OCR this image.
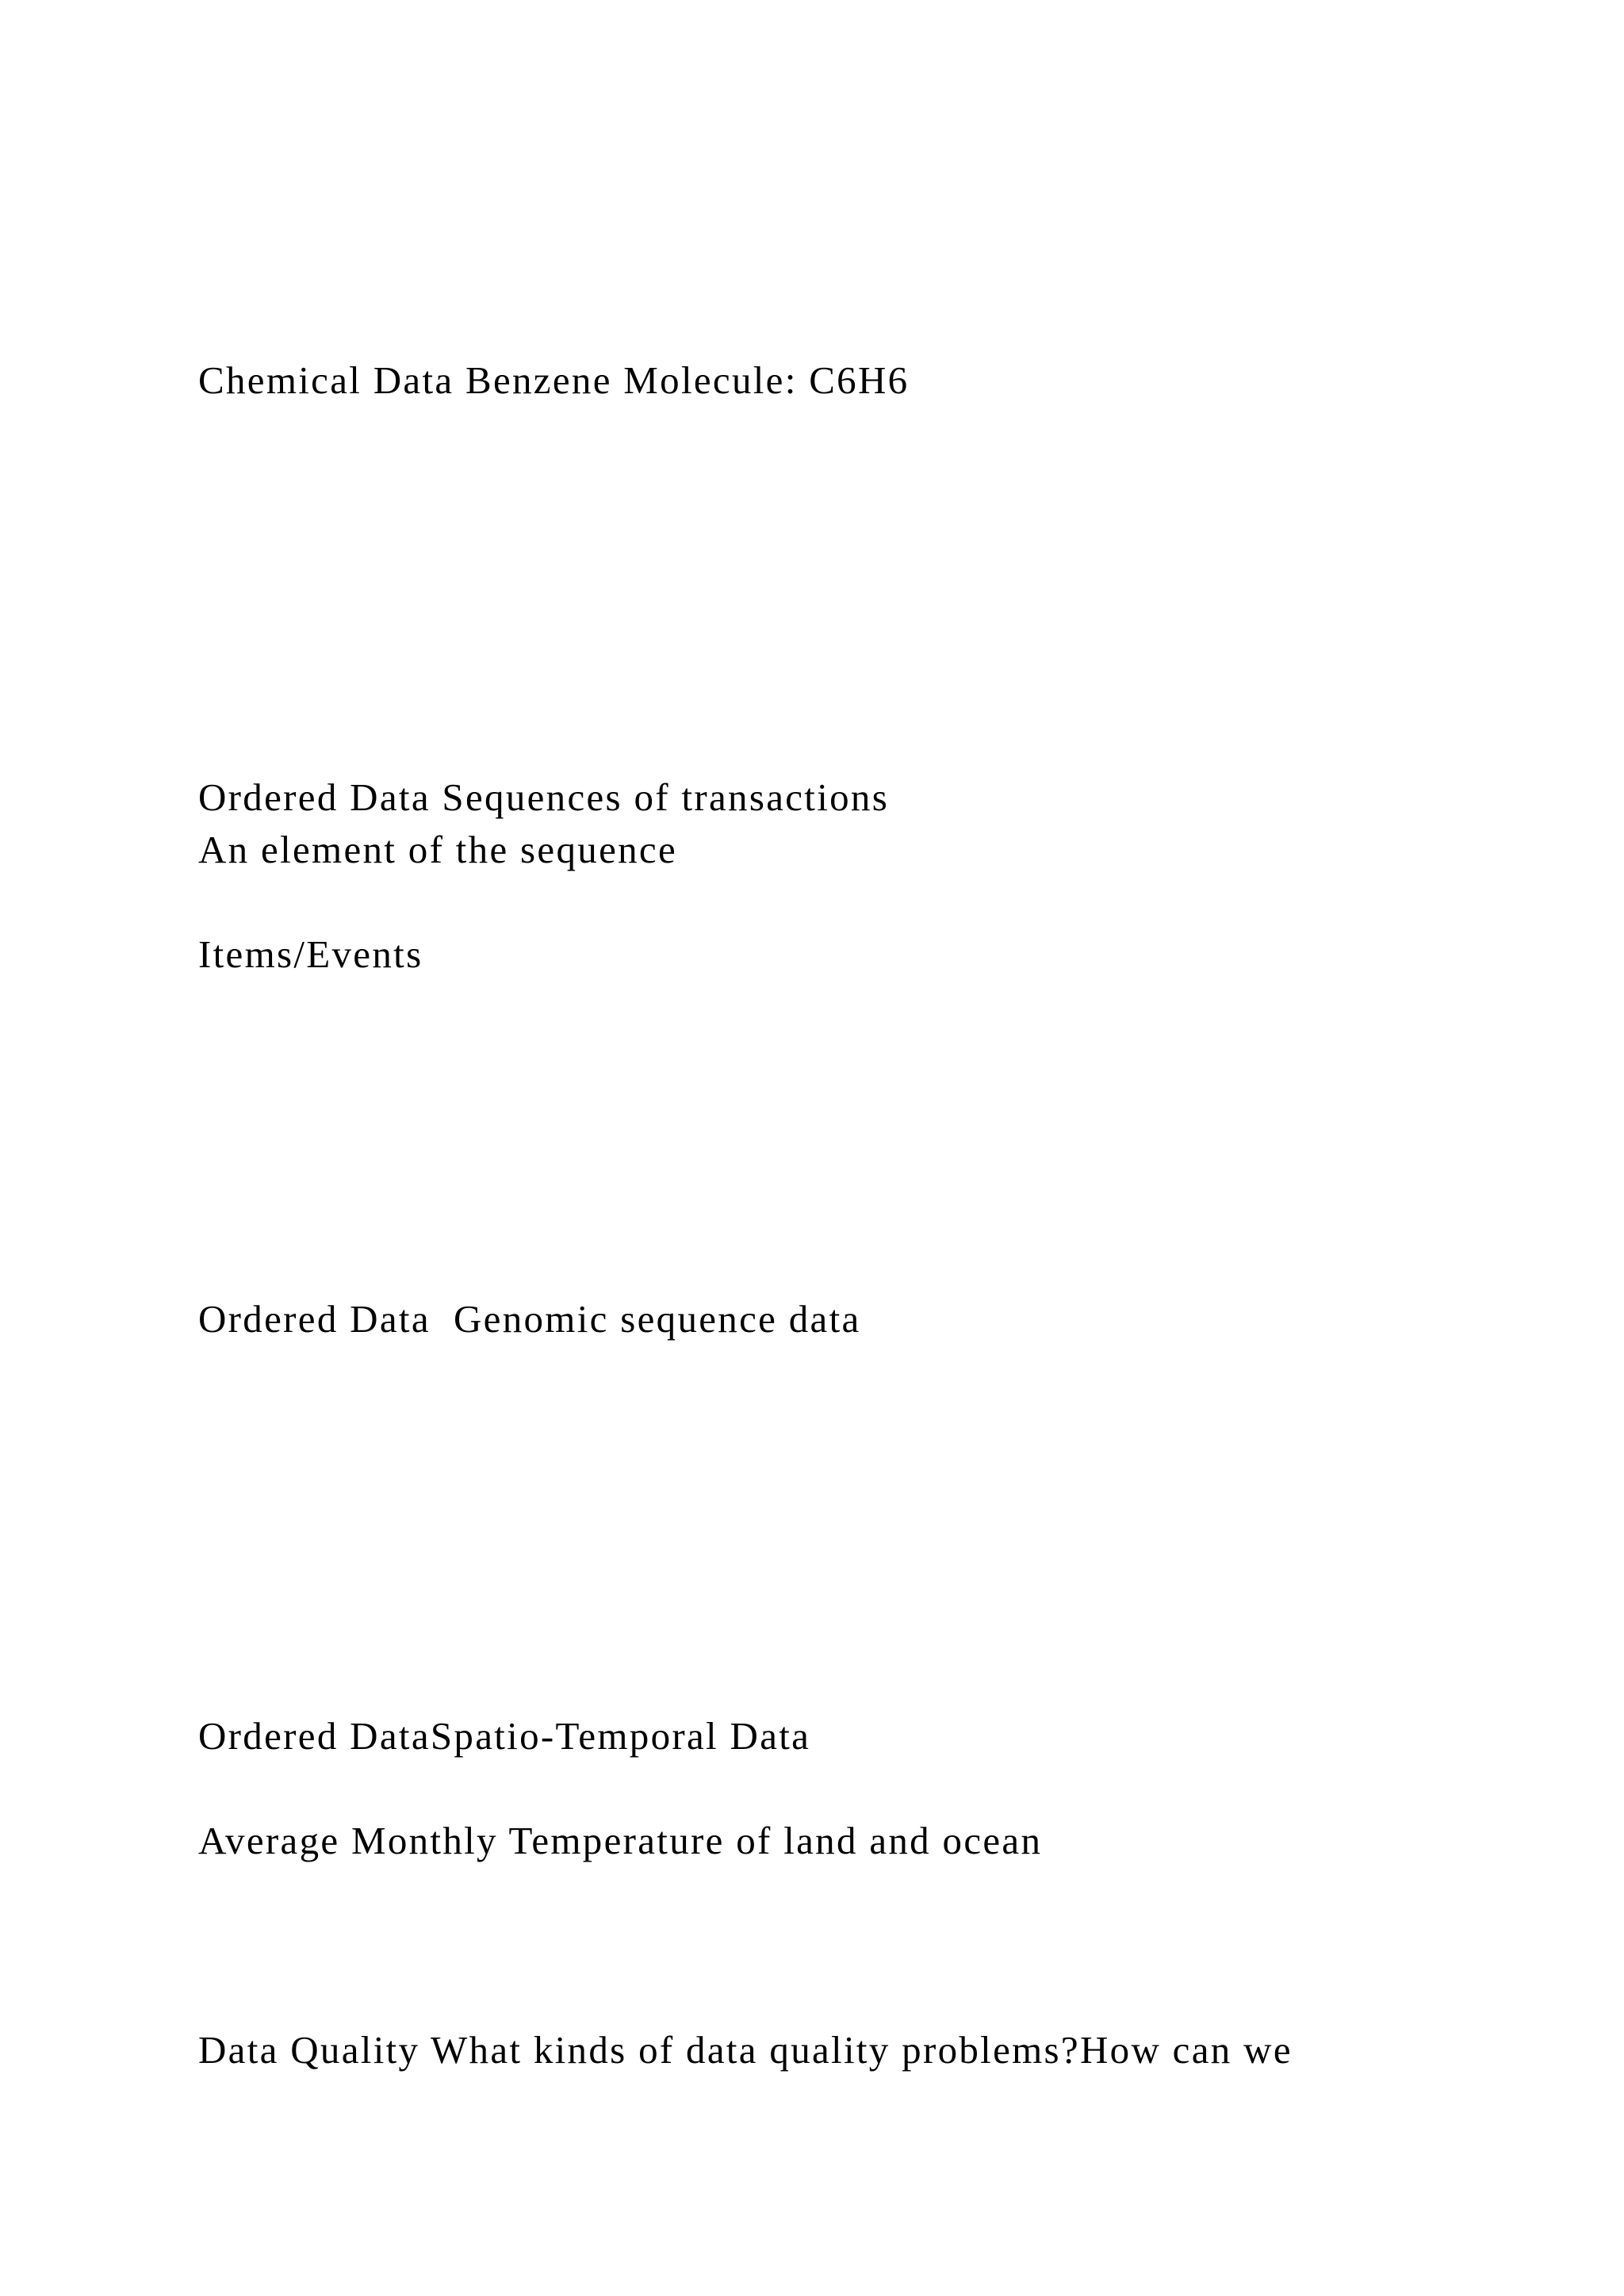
Chemical Data Benzene Molecule: C6H6

Ordered Data Sequences of transactions

An element of the sequence

Items/Events

Ordered Data  Genomic sequence data

Ordered DataSpatio-Temporal Data

Average Monthly Temperature of land and ocean

Data Quality What kinds of data quality problems?How can we
